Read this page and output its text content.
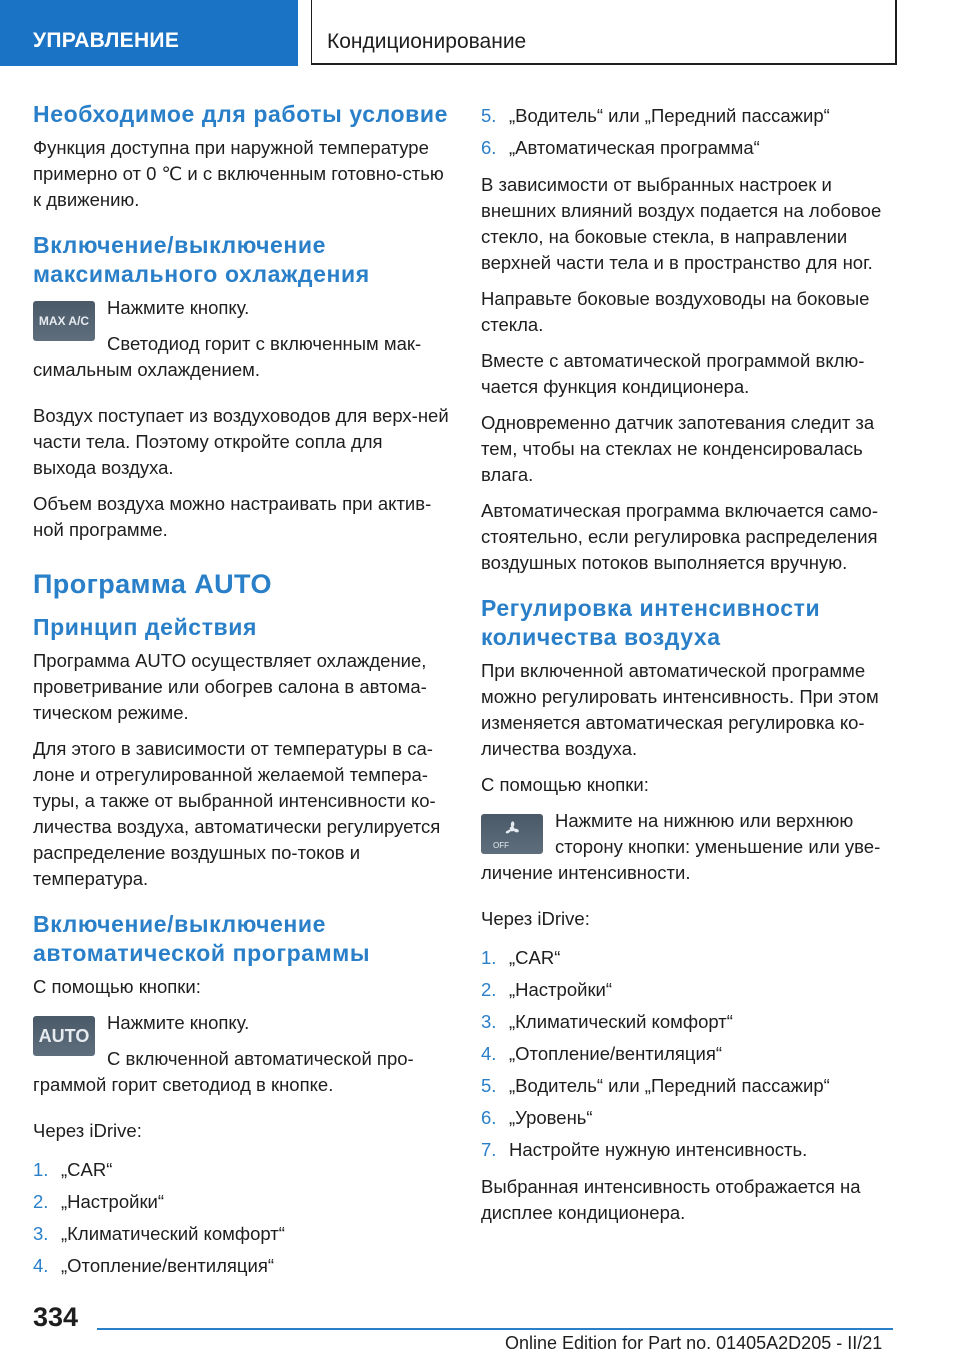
УПРАВЛЕНИЕ	Кондиционирование
Необходимое для работы условие

Функция доступна при наружной температуре примерно от 0 ℃ и с включенным готовно-стью к движению.

Включение/выключение максимального охлаждения
MAX A/C

Нажмите кнопку.

Светодиод горит с включенным мак-

симальным охлаждением.

Воздух поступает из воздуховодов для верх-ней части тела. Поэтому откройте сопла для выхода воздуха.

Объем воздуха можно настраивать при актив-ной программе.

Программа AUTO
Принцип действия

Программа AUTO осуществляет охлаждение, проветривание или обогрев салона в автома-тическом режиме.

Для этого в зависимости от температуры в са-лоне и отрегулированной желаемой темпера-туры, а также от выбранной интенсивности ко-личества воздуха, автоматически регулируется распределение воздушных по-токов и температура.

Включение/выключение автоматической программы

С помощью кнопки:

AUTO

Нажмите кнопку.

С включенной автоматической про-

граммой горит светодиод в кнопке.

Через iDrive:

1. „CAR“
2. „Настройки“
3. „Климатический комфорт“
4. „Отопление/вентиляция“
5. „Водитель“ или „Передний пассажир“
6. „Автоматическая программа“

В зависимости от выбранных настроек и внешних влияний воздух подается на лобовое стекло, на боковые стекла, в направлении верхней части тела и в пространство для ног.

Направьте боковые воздуховоды на боковые стекла.

Вместе с автоматической программой вклю-чается функция кондиционера.

Одновременно датчик запотевания следит за тем, чтобы на стеклах не конденсировалась влага.

Автоматическая программа включается само-стоятельно, если регулировка распределения воздушных потоков выполняется вручную.

Регулировка интенсивности количества воздуха

При включенной автоматической программе можно регулировать интенсивность. При этом изменяется автоматическая регулировка ко-личества воздуха.

С помощью кнопки:

OFF

Нажмите на нижнюю или верхнюю сторону кнопки: уменьшение или уве-

личение интенсивности.

Через iDrive:

1. „CAR“
2. „Настройки“
3. „Климатический комфорт“
4. „Отопление/вентиляция“
5. „Водитель“ или „Передний пассажир“
6. „Уровень“
7. Настройте нужную интенсивность.

Выбранная интенсивность отображается на дисплее кондиционера.

334
Online Edition for Part no. 01405A2D205 - II/21
